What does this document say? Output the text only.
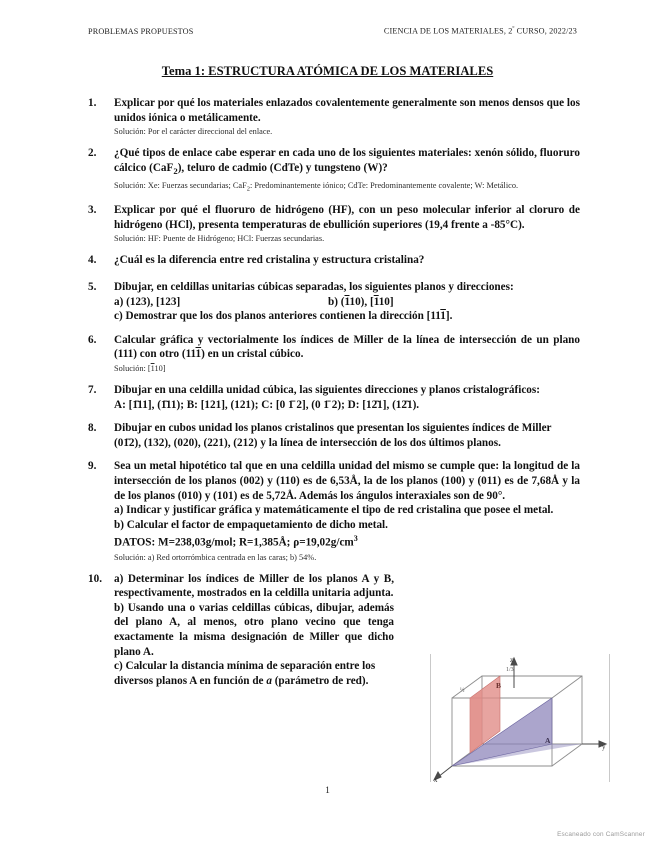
PROBLEMAS PROPUESTOS	CIENCIA DE LOS MATERIALES, $2^º$ CURSO, 2022/23
Tema 1: ESTRUCTURA ATÓMICA DE LOS MATERIALES
1.	Explicar por qué los materiales enlazados covalentemente generalmente son menos densos que los unidos iónica o metálicamente.

Solución: Por el carácter direccional del enlace.

2.	¿Qué tipos de enlace cabe esperar en cada uno de los siguientes materiales: xenón sólido, fluoruro cálcico (CaF$_2$), teluro de cadmio (CdTe) y tungsteno (W)?

Solución: Xe: Fuerzas secundarias; CaF$_2$: Predominantemente iónico; CdTe: Predominantemente covalente; W: Metálico.

3.	Explicar por qué el fluoruro de hidrógeno (HF), con un peso molecular inferior al cloruro de hidrógeno (HCl), presenta temperaturas de ebullición superiores (19,4 frente a -85°C).

Solución: HF: Puente de Hidrógeno; HCl: Fuerzas secundarias.

4.	¿Cuál es la diferencia entre red cristalina y estructura cristalina?

5.	Dibujar, en celdillas unitarias cúbicas separadas, los siguientes planos y direcciones:

a) (123), [123]	b) (110), [110]

c) Demostrar que los dos planos anteriores contienen la dirección [111].

6.	Calcular gráfica y vectorialmente los índices de Miller de la línea de intersección de un plano (111) con otro (111) en un cristal cúbico.

Solución: [110]

7.	Dibujar en una celdilla unidad cúbica, las siguientes direcciones y planos cristalográficos:

A: [1̄11], (1̄11); B: [121], (121); C: [0 1̄ 2], (0 1̄ 2); D: [12̄1], (12̄1).

8.	Dibujar en cubos unidad los planos cristalinos que presentan los siguientes índices de Miller

(01̄2), (132), (020), (221), (212) y la línea de intersección de los dos últimos planos.

9.	Sea un metal hipotético tal que en una celdilla unidad del mismo se cumple que: la longitud de la intersección de los planos (002) y (110) es de 6,53Å, la de los planos (100) y (011) es de 7,68Å y la de los planos (010) y (101) es de 5,72Å. Además los ángulos interaxiales son de 90°.

a) Indicar y justificar gráfica y matemáticamente el tipo de red cristalina que posee el metal.

b) Calcular el factor de empaquetamiento de dicho metal.

DATOS: M=238,03g/mol; R=1,385Å; $\rho=19,02g/cm^3$

Solución: a) Red ortorrómbica centrada en las caras; b) 54%.

10.	a) Determinar los índices de Miller de los planos A y B, respectivamente, mostrados en la celdilla unitaria adjunta.

b) Usando una o varias celdillas cúbicas, dibujar, además del plano A, al menos, otro plano vecino que tenga exactamente la misma designación de Miller que dicho plano A.

c) Calcular la distancia mínima de separación entre los diversos planos A en función de a (parámetro de red).

z
y
x
A
B
½
1/3
1
Escaneado con CamScanner
